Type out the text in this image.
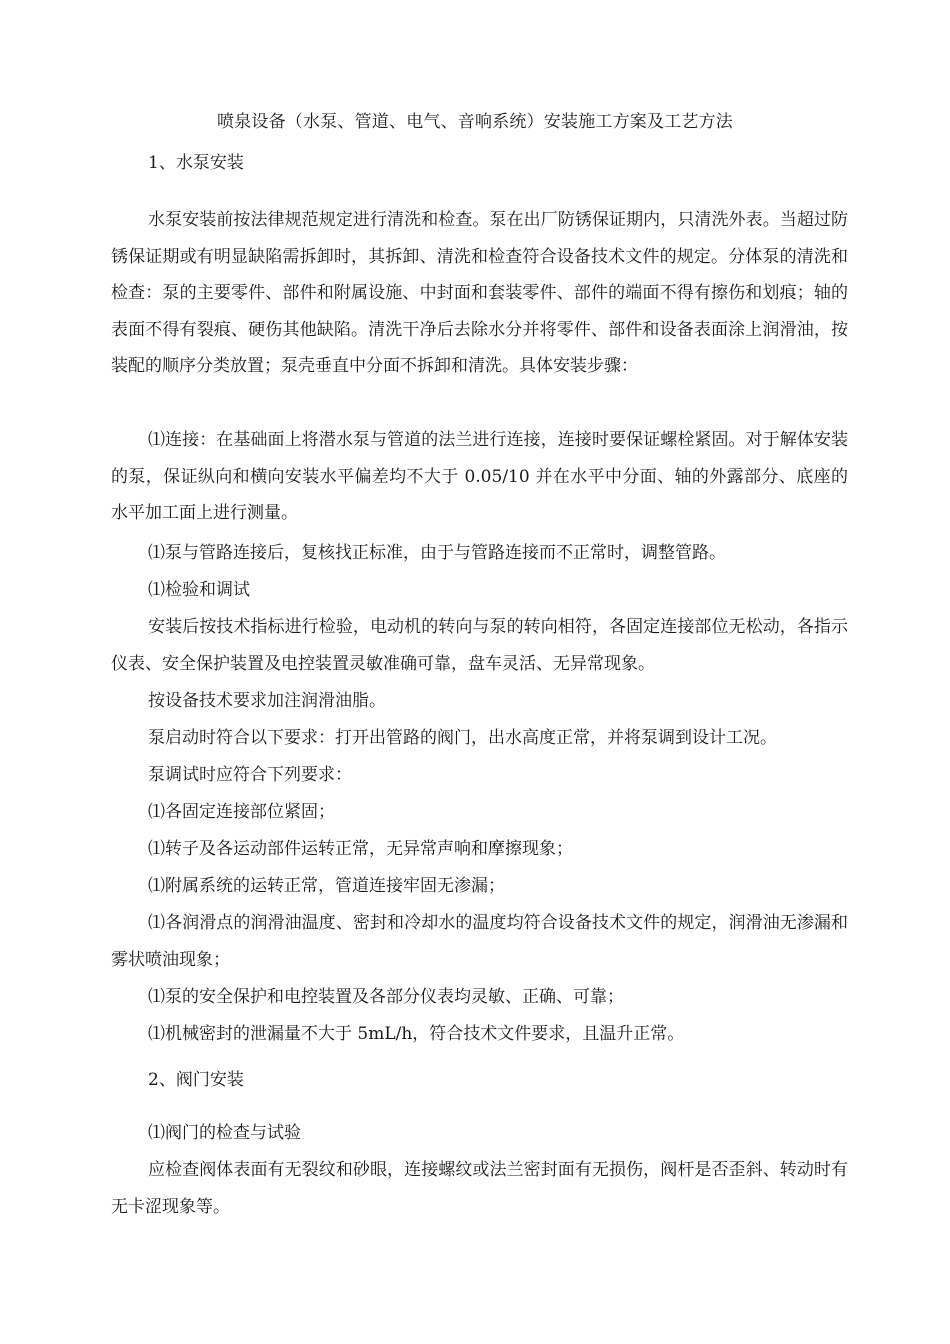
喷泉设备（水泵、管道、电气、音响系统）安装施工方案及工艺方法
1、水泵安装

水泵安装前按法律规范规定进行清洗和检查。泵在出厂防锈保证期内，只清洗外表。当超过防锈保证期或有明显缺陷需拆卸时，其拆卸、清洗和检查符合设备技术文件的规定。分体泵的清洗和检查：泵的主要零件、部件和附属设施、中封面和套装零件、部件的端面不得有擦伤和划痕；轴的表面不得有裂痕、硬伤其他缺陷。清洗干净后去除水分并将零件、部件和设备表面涂上润滑油，按装配的顺序分类放置；泵壳垂直中分面不拆卸和清洗。具体安装步骤：

⑴连接：在基础面上将潜水泵与管道的法兰进行连接，连接时要保证螺栓紧固。对于解体安装的泵，保证纵向和横向安装水平偏差均不大于 0.05/10 并在水平中分面、轴的外露部分、底座的水平加工面上进行测量。

⑴泵与管路连接后，复核找正标准，由于与管路连接而不正常时，调整管路。
⑴检验和调试

安装后按技术指标进行检验，电动机的转向与泵的转向相符，各固定连接部位无松动，各指示仪表、安全保护装置及电控装置灵敏准确可靠，盘车灵活、无异常现象。

按设备技术要求加注润滑油脂。
泵启动时符合以下要求：打开出管路的阀门，出水高度正常，并将泵调到设计工况。
泵调试时应符合下列要求：
⑴各固定连接部位紧固；
⑴转子及各运动部件运转正常，无异常声响和摩擦现象；
⑴附属系统的运转正常，管道连接牢固无渗漏；

⑴各润滑点的润滑油温度、密封和冷却水的温度均符合设备技术文件的规定，润滑油无渗漏和雾状喷油现象；

⑴泵的安全保护和电控装置及各部分仪表均灵敏、正确、可靠；
⑴机械密封的泄漏量不大于 5mL/h，符合技术文件要求，且温升正常。
2、阀门安装
⑴阀门的检查与试验

应检查阀体表面有无裂纹和砂眼，连接螺纹或法兰密封面有无损伤，阀杆是否歪斜、转动时有无卡涩现象等。
